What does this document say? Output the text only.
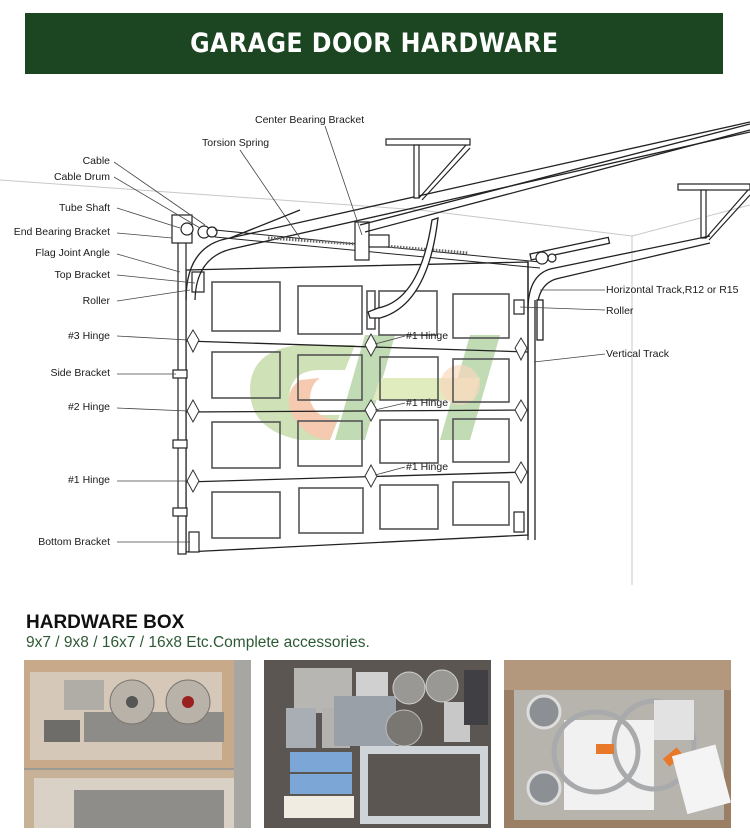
GARAGE DOOR HARDWARE
Cable
Cable Drum
Tube Shaft
End Bearing Bracket
Flag Joint Angle
Top Bracket
Roller
#3 Hinge
Side Bracket
#2 Hinge
#1 Hinge
Bottom Bracket
Center Bearing Bracket
Torsion Spring
#1 Hinge
#1 Hinge
#1 Hinge
Horizontal Track,R12 or R15
Roller
Vertical Track
HARDWARE BOX
9x7 / 9x8 / 16x7 / 16x8 Etc.Complete accessories.
